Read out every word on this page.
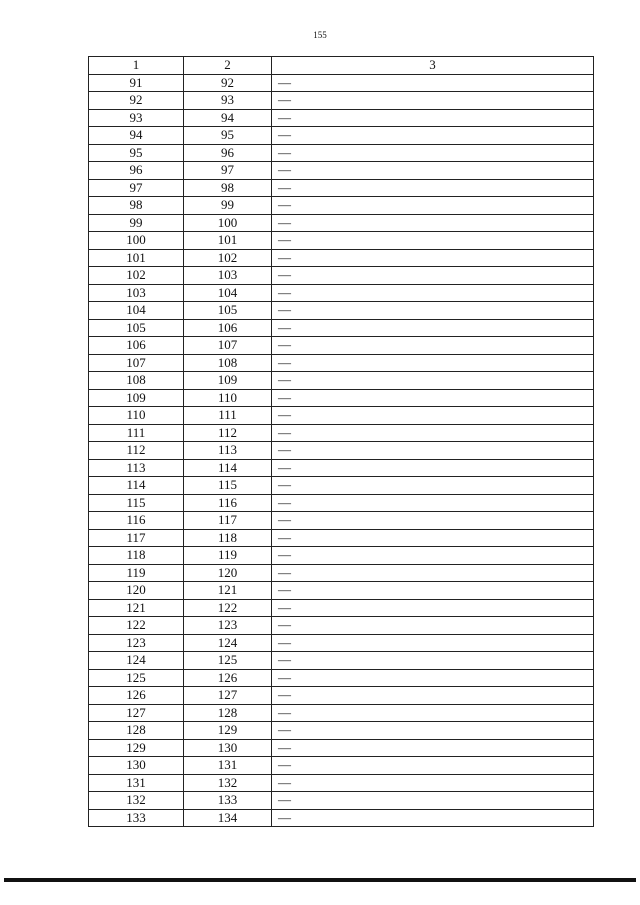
155
1	2	3
91	92	—
92	93	—
93	94	—
94	95	—
95	96	—
96	97	—
97	98	—
98	99	—
99	100	—
100	101	—
101	102	—
102	103	—
103	104	—
104	105	—
105	106	—
106	107	—
107	108	—
108	109	—
109	110	—
110	111	—
111	112	—
112	113	—
113	114	—
114	115	—
115	116	—
116	117	—
117	118	—
118	119	—
119	120	—
120	121	—
121	122	—
122	123	—
123	124	—
124	125	—
125	126	—
126	127	—
127	128	—
128	129	—
129	130	—
130	131	—
131	132	—
132	133	—
133	134	—
